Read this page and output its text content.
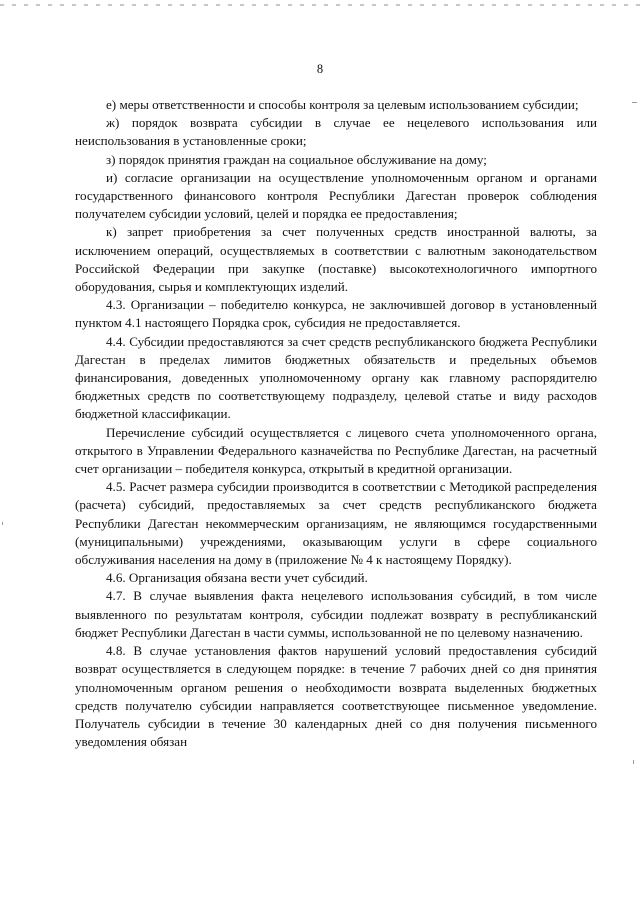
8

е) меры ответственности и способы контроля за целевым использованием субсидии;

ж) порядок возврата субсидии в случае ее нецелевого использования или неиспользования в установленные сроки;

з) порядок принятия граждан на социальное обслуживание на дому;

и) согласие организации на осуществление уполномоченным органом и органами государственного финансового контроля Республики Дагестан проверок соблюдения получателем субсидии условий, целей и порядка ее предоставления;

к) запрет приобретения за счет полученных средств иностранной валюты, за исключением операций, осуществляемых в соответствии с валютным законодательством Российской Федерации при закупке (поставке) высокотехнологичного импортного оборудования, сырья и комплектующих изделий.

4.3. Организации – победителю конкурса, не заключившей договор в установленный пунктом 4.1 настоящего Порядка срок, субсидия не предоставляется.

4.4. Субсидии предоставляются за счет средств республиканского бюджета Республики Дагестан в пределах лимитов бюджетных обязательств и предельных объемов финансирования, доведенных уполномоченному органу как главному распорядителю бюджетных средств по соответствующему подразделу, целевой статье и виду расходов бюджетной классификации.

Перечисление субсидий осуществляется с лицевого счета уполномоченного органа, открытого в Управлении Федерального казначейства по Республике Дагестан, на расчетный счет организации – победителя конкурса, открытый в кредитной организации.

4.5. Расчет размера субсидии производится в соответствии с Методикой распределения (расчета) субсидий, предоставляемых за счет средств республиканского бюджета Республики Дагестан некоммерческим организациям, не являющимся государственными (муниципальными) учреждениями, оказывающим услуги в сфере социального обслуживания населения на дому в (приложение № 4 к настоящему Порядку).

4.6. Организация обязана вести учет субсидий.

4.7. В случае выявления факта нецелевого использования субсидий, в том числе выявленного по результатам контроля, субсидии подлежат возврату в республиканский бюджет Республики Дагестан в части суммы, использованной не по целевому назначению.

4.8. В случае установления фактов нарушений условий предоставления субсидий возврат осуществляется в следующем порядке: в течение 7 рабочих дней со дня принятия уполномоченным органом решения о необходимости возврата выделенных бюджетных средств получателю субсидии направляется соответствующее письменное уведомление. Получатель субсидии в течение 30 календарных дней со дня получения письменного уведомления обязан
